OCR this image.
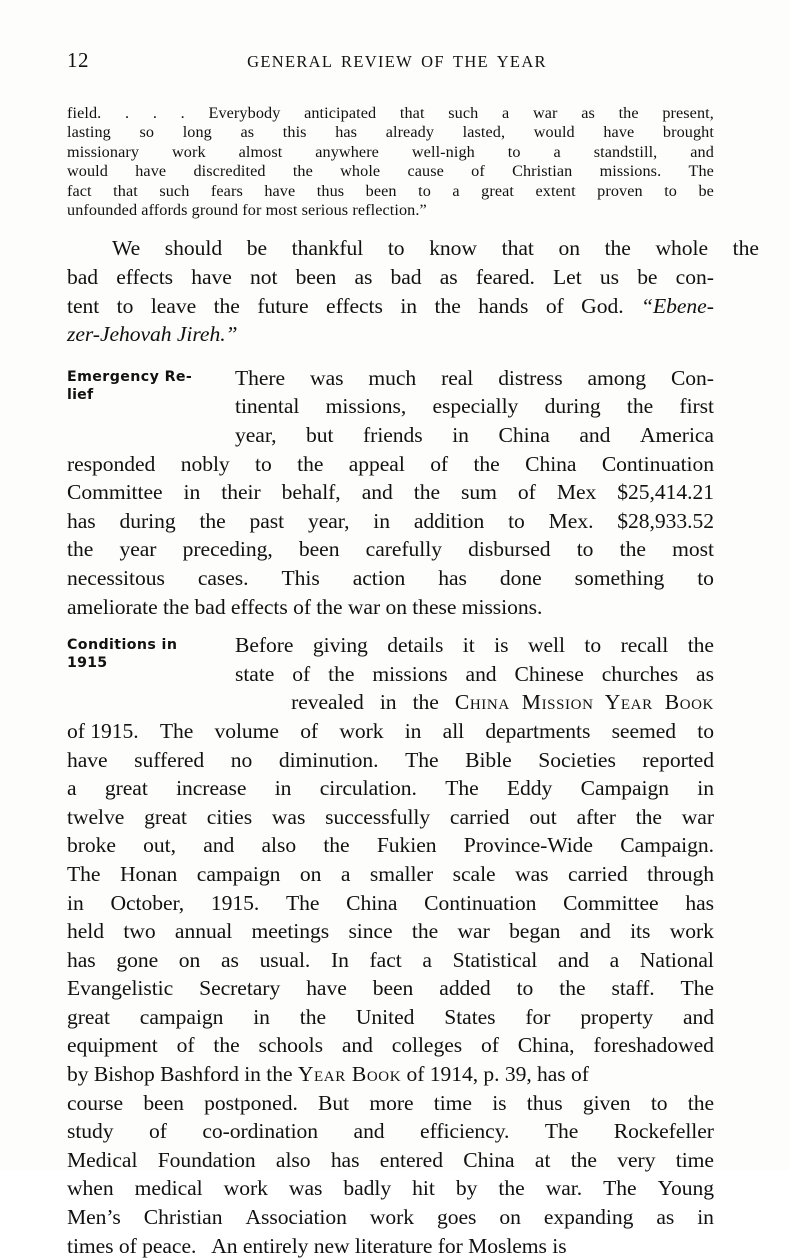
12	GENERAL REVIEW OF THE YEAR
field. . . . Everybody anticipated that such a war as the present,
lasting so long as this has already lasted, would have brought
missionary work almost anywhere well-nigh to a standstill, and
would have discredited the whole cause of Christian missions. The
fact that such fears have thus been to a great extent proven to be
unfounded affords ground for most serious reflection.”
We should be thankful to know that on the whole the
bad effects have not been as bad as feared. Let us be con-
tent to leave the future effects in the hands of God. “Ebene-
zer-Jehovah Jireh.”
Emergency Re-
lief
There was much real distress among Con-
tinental missions, especially during the first
year, but friends in China and America
responded nobly to the appeal of the China Continuation
Committee in their behalf, and the sum of Mex $25,414.21
has during the past year, in addition to Mex. $28,933.52
the year preceding, been carefully disbursed to the most
necessitous cases. This action has done something to
ameliorate the bad effects of the war on these missions.
Conditions in
1915
Before giving details it is well to recall the
state of the missions and Chinese churches as
revealed   in   the China  Mission  Year  Book
of 1915. The volume of work in all departments seemed to
have suffered no diminution. The Bible Societies reported
a great increase in circulation. The Eddy Campaign in
twelve great cities was successfully carried out after the war
broke out, and also the Fukien Province-Wide Campaign.
The Honan campaign on a smaller scale was carried through
in October, 1915. The China Continuation Committee has
held two annual meetings since the war began and its work
has gone on as usual. In fact a Statistical and a National
Evangelistic Secretary have been added to the staff. The
great campaign in the United States for property and
equipment of the schools and colleges of China, foreshadowed
by Bishop Bashford in the Year Book of 1914, p. 39, has of
course been postponed. But more time is thus given to the
study of co-ordination and efficiency. The Rockefeller
Medical Foundation also has entered China at the very time
when medical work was badly hit by the war. The Young
Men’s Christian Association work goes on expanding as in
times of peace.   An entirely new literature for Moslems is
